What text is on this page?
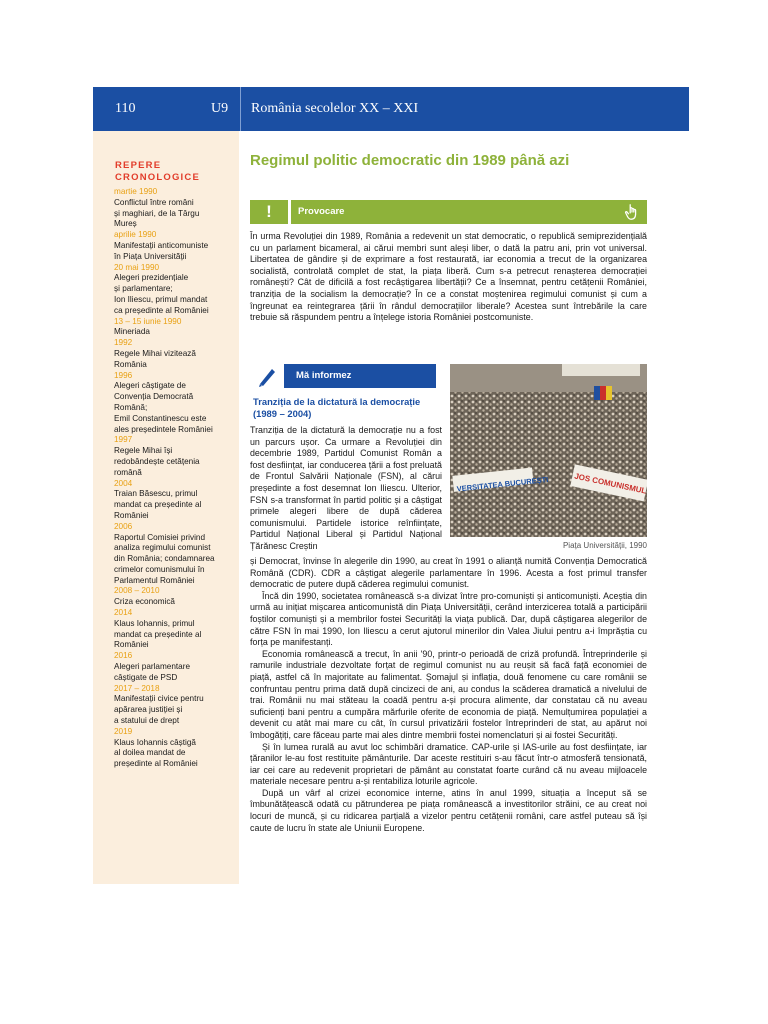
110	U9 România secolelor XX – XXI
REPERE
CRONOLOGICE
martie 1990
Conflictul între români
și maghiari, de la Târgu
Mureș
aprilie 1990
Manifestații anticomuniste
în Piața Universității
20 mai 1990
Alegeri prezidențiale
și parlamentare;
Ion Iliescu, primul mandat
ca președinte al României
13 – 15 iunie 1990
Mineriada
1992
Regele Mihai vizitează
România
1996
Alegeri câștigate de
Convenția Democrată
Română;
Emil Constantinescu este
ales președintele României
1997
Regele Mihai își
redobândește cetățenia
română
2004
Traian Băsescu, primul
mandat ca președinte al
României
2006
Raportul Comisiei privind
analiza regimului comunist
din România; condamnarea
crimelor comunismului în
Parlamentul României
2008 – 2010
Criza economică
2014
Klaus Iohannis, primul
mandat ca președinte al
României
2016
Alegeri parlamentare
câștigate de PSD
2017 – 2018
Manifestații civice pentru
apărarea justiției și
a statului de drept
2019
Klaus Iohannis câștigă
al doilea mandat de
președinte al României
Regimul politic democratic din 1989 până azi
!	Provocare
În urma Revoluției din 1989, România a redevenit un stat democratic, o republică semiprezidențială cu un parlament bicameral, ai cărui membri sunt aleși liber, o dată la patru ani, prin vot universal. Libertatea de gândire și de exprimare a fost restaurată, iar economia a trecut de la organizarea socialistă, controlată complet de stat, la piața liberă. Cum s-a petrecut renașterea democrației românești? Cât de dificilă a fost recâștigarea libertății? Ce a însemnat, pentru cetățenii României, tranziția de la socialism la democrație? În ce a constat moștenirea regimului comunist și cum a îngreunat ea reintegrarea țării în rândul democrațiilor liberale? Acestea sunt întrebările la care trebuie să răspundem pentru a înțelege istoria României postcomuniste.
Mă informez
Tranziția de la dictatură la democrație (1989 – 2004)
Tranziția de la dictatură la democrație nu a fost un parcurs ușor. Ca urmare a Revoluției din decembrie 1989, Partidul Comunist Român a fost desființat, iar conducerea țării a fost preluată de Frontul Salvării Naționale (FSN), al cărui președinte a fost desemnat Ion Iliescu. Ulterior, FSN s-a transformat în partid politic și a câștigat primele alegeri libere de după căderea comunismului. Partidele istorice reînființate, Partidul Național Liberal și Partidul Național Țărănesc Creștin
VERSITATEA BUCUREȘTI	JOS COMUNISMUL
Piața Universității, 1990

și Democrat, învinse în alegerile din 1990, au creat în 1991 o alianță numită Convenția Democratică Română (CDR). CDR a câștigat alegerile parlamentare în 1996. Acesta a fost primul transfer democratic de putere după căderea regimului comunist.

Încă din 1990, societatea românească s-a divizat între pro-comuniști și anticomuniști. Aceștia din urmă au inițiat mișcarea anticomunistă din Piața Universității, cerând interzicerea totală a participării foștilor comuniști și a membrilor fostei Securități la viața publică. Dar, după câștigarea alegerilor de către FSN în mai 1990, Ion Iliescu a cerut ajutorul minerilor din Valea Jiului pentru a-i împrăștia cu forța pe manifestanți.

Economia românească a trecut, în anii '90, printr-o perioadă de criză profundă. Întreprinderile și ramurile industriale dezvoltate forțat de regimul comunist nu au reușit să facă față economiei de piață, astfel că în majoritate au falimentat. Șomajul și inflația, două fenomene cu care românii se confruntau pentru prima dată după cincizeci de ani, au condus la scăderea dramatică a nivelului de trai. Românii nu mai stăteau la coadă pentru a-și procura alimente, dar constatau că nu aveau suficienți bani pentru a cumpăra mărfurile oferite de economia de piață. Nemulțumirea populației a devenit cu atât mai mare cu cât, în cursul privatizării fostelor întreprinderi de stat, au apărut noi îmbogățiți, care făceau parte mai ales dintre membrii fostei nomenclaturi și ai fostei Securități.

Și în lumea rurală au avut loc schimbări dramatice. CAP-urile și IAS-urile au fost desființate, iar țăranilor le-au fost restituite pământurile. Dar aceste restituiri s-au făcut într-o atmosferă tensionată, iar cei care au redevenit proprietari de pământ au constatat foarte curând că nu aveau mijloacele materiale necesare pentru a-și rentabiliza loturile agricole.

După un vârf al crizei economice interne, atins în anul 1999, situația a început să se îmbunătățească odată cu pătrunderea pe piața românească a investitorilor străini, ce au creat noi locuri de muncă, și cu ridicarea parțială a vizelor pentru cetățenii români, care astfel puteau să își caute de lucru în state ale Uniunii Europene.
